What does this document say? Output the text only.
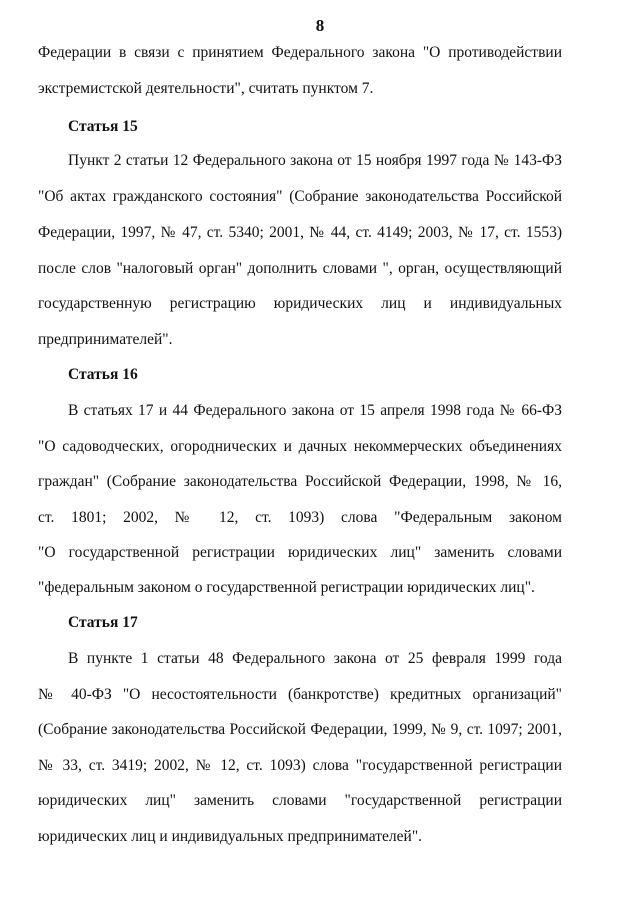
8
Федерации в связи с принятием Федерального закона "О противодействии
экстремистской деятельности", считать пунктом 7.
Статья 15
Пункт 2 статьи 12 Федерального закона от 15 ноября 1997 года № 143-ФЗ
"Об актах гражданского состояния" (Собрание законодательства Российской
Федерации, 1997, № 47, ст. 5340; 2001, № 44, ст. 4149; 2003, № 17, ст. 1553)
после слов "налоговый орган" дополнить словами ", орган, осуществляющий
государственную регистрацию юридических лиц и индивидуальных
предпринимателей".
Статья 16
В статьях 17 и 44 Федерального закона от 15 апреля 1998 года № 66-ФЗ
"О садоводческих, огороднических и дачных некоммерческих объединениях
граждан" (Собрание законодательства Российской Федерации, 1998, № 16,
ст. 1801; 2002, № 12, ст. 1093) слова "Федеральным законом
"О государственной регистрации юридических лиц" заменить словами
"федеральным законом о государственной регистрации юридических лиц".
Статья 17
В пункте 1 статьи 48 Федерального закона от 25 февраля 1999 года
№ 40-ФЗ "О несостоятельности (банкротстве) кредитных организаций"
(Собрание законодательства Российской Федерации, 1999, № 9, ст. 1097; 2001,
№ 33, ст. 3419; 2002, № 12, ст. 1093) слова "государственной регистрации
юридических лиц" заменить словами "государственной регистрации
юридических лиц и индивидуальных предпринимателей".
